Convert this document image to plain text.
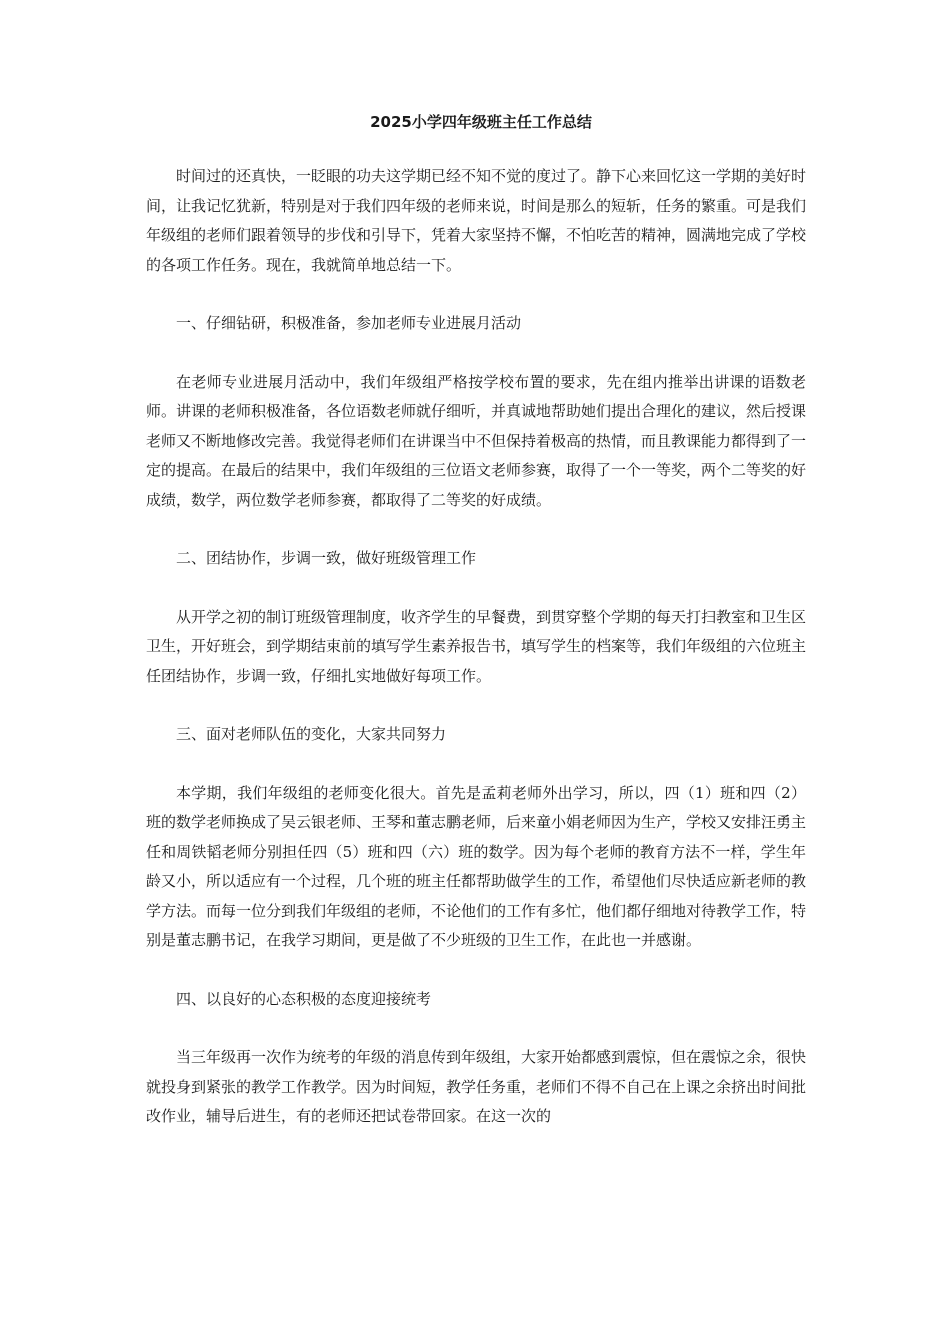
2025小学四年级班主任工作总结

时间过的还真快，一眨眼的功夫这学期已经不知不觉的度过了。静下心来回忆这一学期的美好时间，让我记忆犹新，特别是对于我们四年级的老师来说，时间是那么的短斩，任务的繁重。可是我们年级组的老师们跟着领导的步伐和引导下，凭着大家坚持不懈，不怕吃苦的精神，圆满地完成了学校的各项工作任务。现在，我就简单地总结一下。

一、仔细钻研，积极准备，参加老师专业进展月活动

在老师专业进展月活动中，我们年级组严格按学校布置的要求，先在组内推举出讲课的语数老师。讲课的老师积极准备，各位语数老师就仔细听，并真诚地帮助她们提出合理化的建议，然后授课老师又不断地修改完善。我觉得老师们在讲课当中不但保持着极高的热情，而且教课能力都得到了一定的提高。在最后的结果中，我们年级组的三位语文老师参赛，取得了一个一等奖，两个二等奖的好成绩，数学，两位数学老师参赛，都取得了二等奖的好成绩。

二、团结协作，步调一致，做好班级管理工作

从开学之初的制订班级管理制度，收齐学生的早餐费，到贯穿整个学期的每天打扫教室和卫生区卫生，开好班会，到学期结束前的填写学生素养报告书，填写学生的档案等，我们年级组的六位班主任团结协作，步调一致，仔细扎实地做好每项工作。

三、面对老师队伍的变化，大家共同努力

本学期，我们年级组的老师变化很大。首先是孟莉老师外出学习，所以，四（1）班和四（2）班的数学老师换成了吴云银老师、王琴和董志鹏老师，后来童小娟老师因为生产，学校又安排汪勇主任和周铁韬老师分别担任四（5）班和四（六）班的数学。因为每个老师的教育方法不一样，学生年龄又小，所以适应有一个过程，几个班的班主任都帮助做学生的工作，希望他们尽快适应新老师的教学方法。而每一位分到我们年级组的老师，不论他们的工作有多忙，他们都仔细地对待教学工作，特别是董志鹏书记，在我学习期间，更是做了不少班级的卫生工作，在此也一并感谢。

四、以良好的心态积极的态度迎接统考

当三年级再一次作为统考的年级的消息传到年级组，大家开始都感到震惊，但在震惊之余，很快就投身到紧张的教学工作教学。因为时间短，教学任务重，老师们不得不自己在上课之余挤出时间批改作业，辅导后进生，有的老师还把试卷带回家。在这一次的
